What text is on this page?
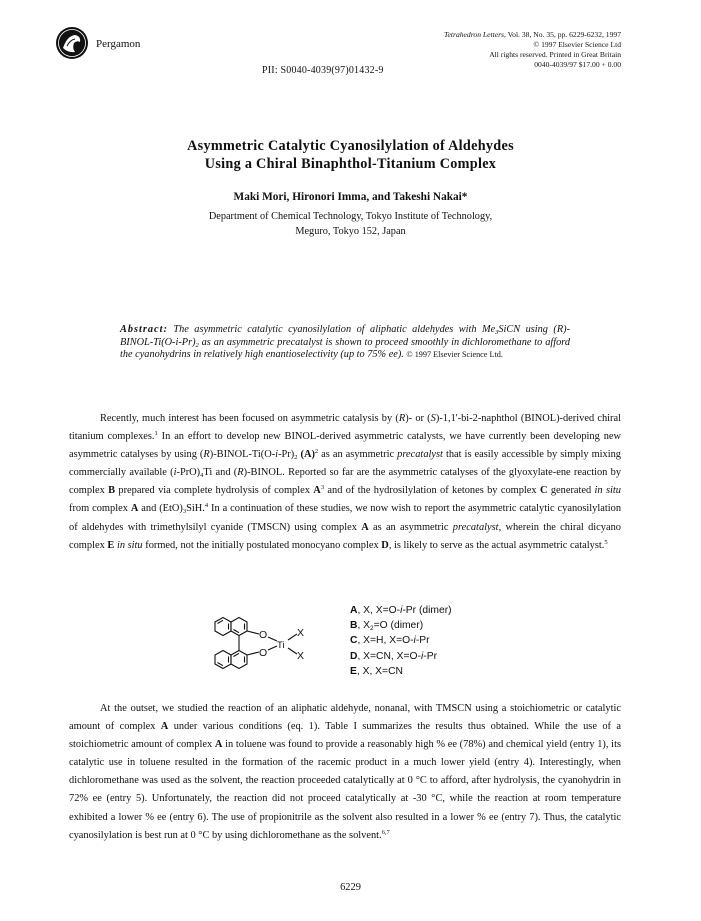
Pergamon
Tetrahedron Letters, Vol. 38, No. 35, pp. 6229-6232, 1997
© 1997 Elsevier Science Ltd
All rights reserved. Printed in Great Britain
0040-4039/97 $17.00 + 0.00
PII: S0040-4039(97)01432-9
Asymmetric Catalytic Cyanosilylation of Aldehydes
Using a Chiral Binaphthol-Titanium Complex
Maki Mori, Hironori Imma, and Takeshi Nakai*
Department of Chemical Technology, Tokyo Institute of Technology,
Meguro, Tokyo 152, Japan
Abstract: The asymmetric catalytic cyanosilylation of aliphatic aldehydes with $Me_3SiCN$ using $(R)-BINOL-Ti(O-i-Pr)_2$ as an asymmetric precatalyst is shown to proceed smoothly in dichloromethane to afford the cyanohydrins in relatively high enantioselectivity (up to 75% ee). © 1997 Elsevier Science Ltd.
Recently, much interest has been focused on asymmetric catalysis by (R)- or (S)-1,1'-bi-2-naphthol (BINOL)-derived chiral titanium complexes.$^1$ In an effort to develop new BINOL-derived asymmetric catalysts, we have currently been developing new asymmetric catalyses by using $(R)-BINOL-Ti(O-i-Pr)_2$ $(A)^2$ as an asymmetric precatalyst that is easily accessible by simply mixing commercially available $(i-PrO)_4Ti$ and (R)-BINOL. Reported so far are the asymmetric catalyses of the glyoxylate-ene reaction by complex B prepared via complete hydrolysis of complex $A^3$ and of the hydrosilylation of ketones by complex C generated in situ from complex A and $(EtO)_3SiH.^4$ In a continuation of these studies, we now wish to report the asymmetric catalytic cyanosilylation of aldehydes with trimethylsilyl cyanide (TMSCN) using complex A as an asymmetric precatalyst, wherein the chiral dicyano complex E in situ formed, not the initially postulated monocyano complex D, is likely to serve as the actual asymmetric catalyst.$^5$
O
O
Ti
X
X
A, X, X=O-i-Pr (dimer)
B, $X_2=O$ (dimer)
C, X=H, X=O-i-Pr
D, X=CN, X=O-i-Pr
E, X, X=CN
At the outset, we studied the reaction of an aliphatic aldehyde, nonanal, with TMSCN using a stoichiometric or catalytic amount of complex A under various conditions (eq. 1). Table I summarizes the results thus obtained. While the use of a stoichiometric amount of complex A in toluene was found to provide a reasonably high % ee (78%) and chemical yield (entry 1), its catalytic use in toluene resulted in the formation of the racemic product in a much lower yield (entry 4). Interestingly, when dichloromethane was used as the solvent, the reaction proceeded catalytically at 0 °C to afford, after hydrolysis, the cyanohydrin in 72% ee (entry 5). Unfortunately, the reaction did not proceed catalytically at -30 °C, while the reaction at room temperature exhibited a lower % ee (entry 6). The use of propionitrile as the solvent also resulted in a lower % ee (entry 7). Thus, the catalytic cyanosilylation is best run at 0 °C by using dichloromethane as the solvent.$^{6,7}$
6229
